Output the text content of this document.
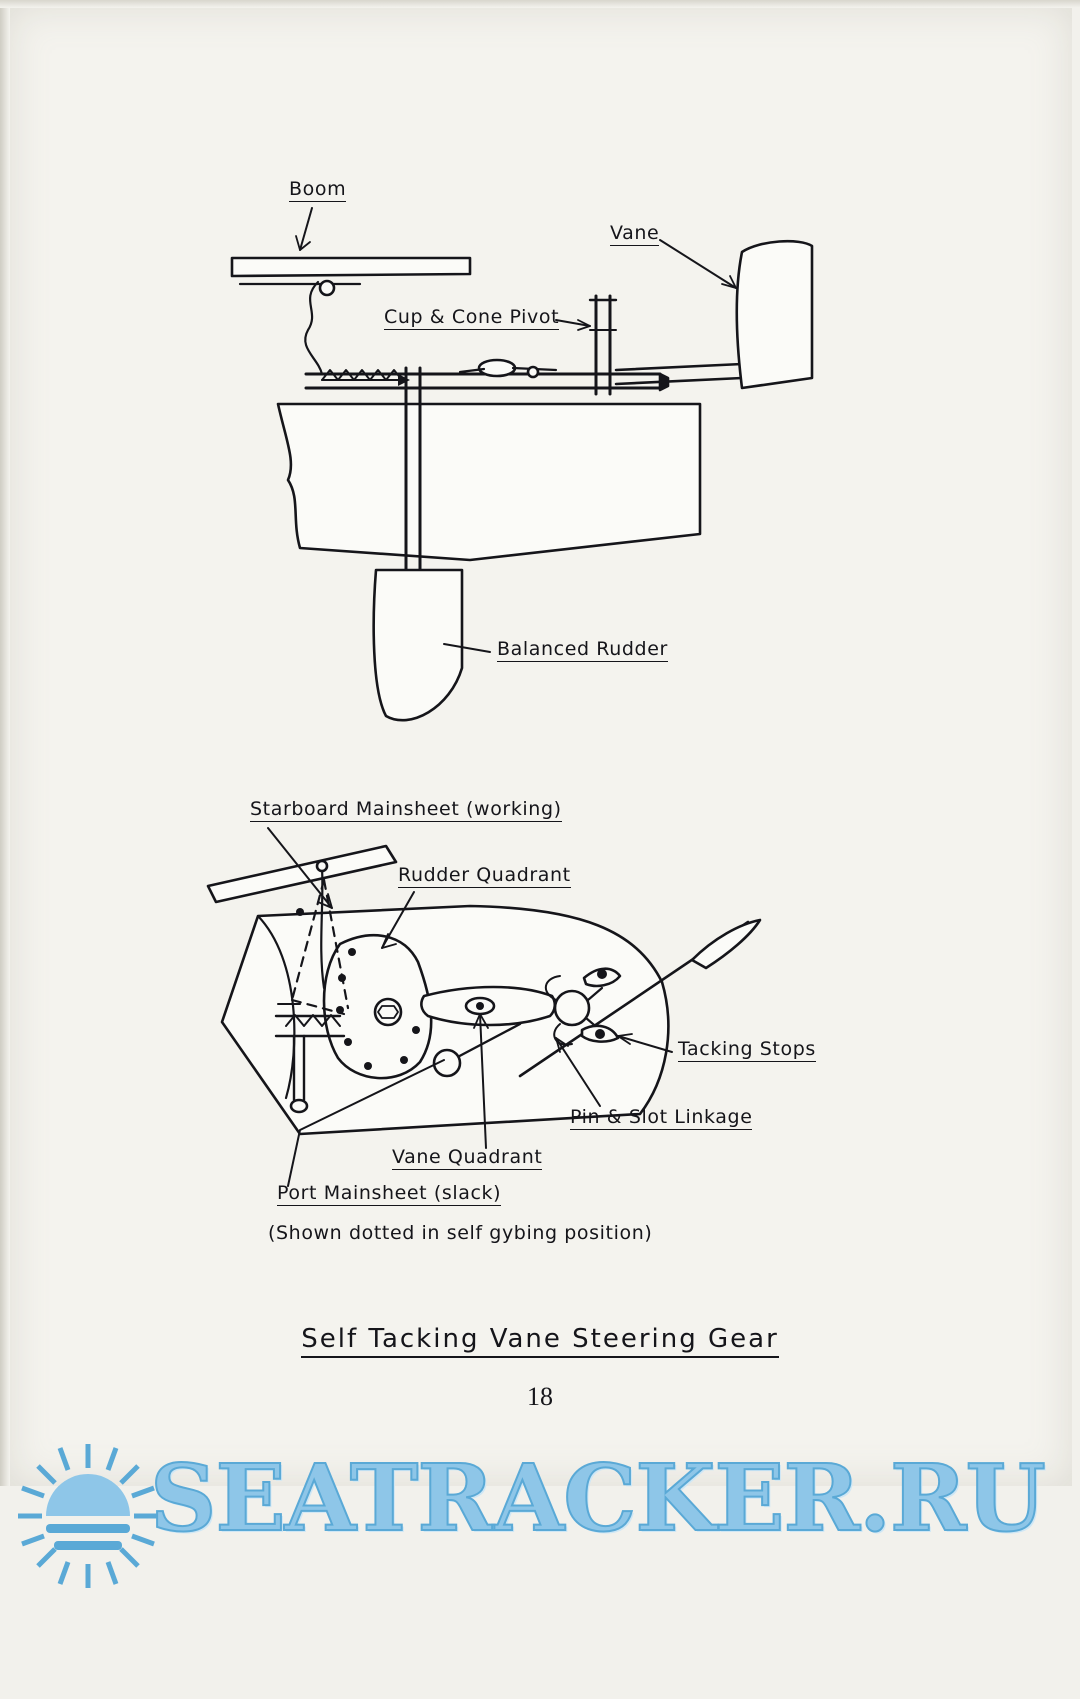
Boom
Vane
Cup & Cone Pivot
Balanced Rudder
Starboard Mainsheet (working)
Rudder Quadrant
Tacking Stops
Pin & Slot Linkage
Vane Quadrant
Port Mainsheet (slack)
(Shown dotted in self gybing position)
Self Tacking Vane Steering Gear
18
SEATRACKER.RU
